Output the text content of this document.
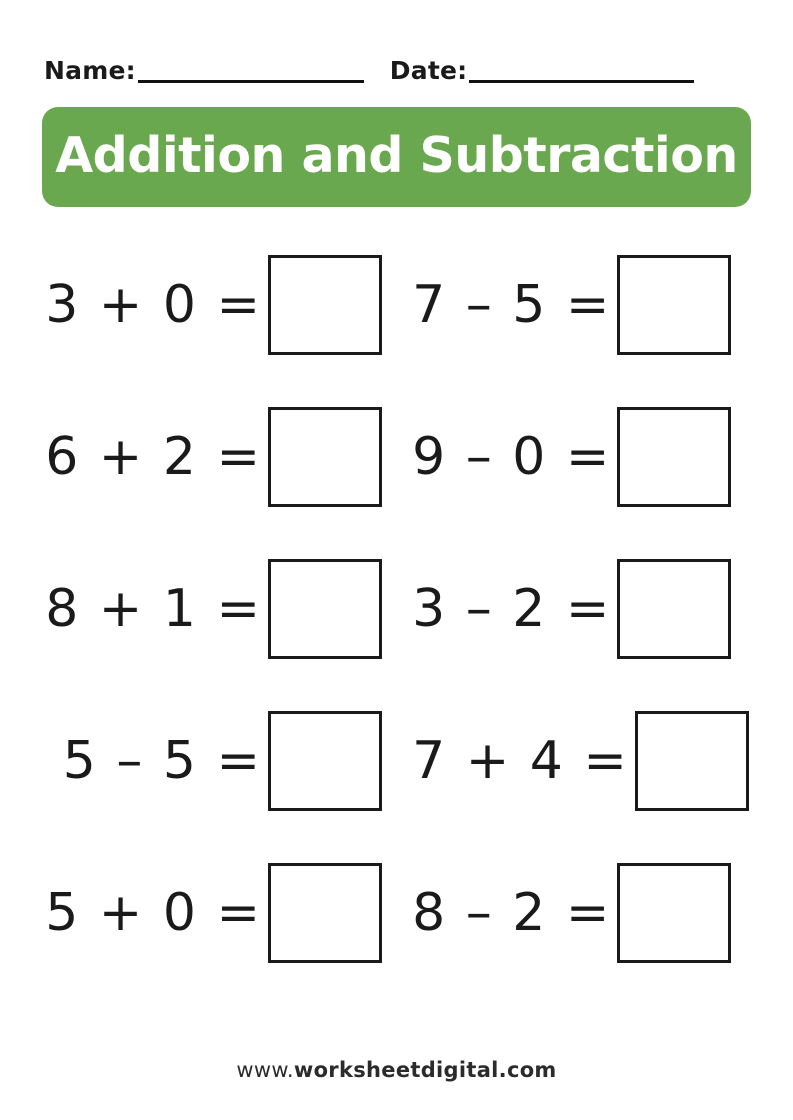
Name:	Date:
Addition and Subtraction
3 + 0 =	7 – 5 =
6 + 2 =	9 – 0 =
8 + 1 =	3 – 2 =
5 – 5 =	7 + 4 =
5 + 0 =	8 – 2 =
www.worksheetdigital.com
